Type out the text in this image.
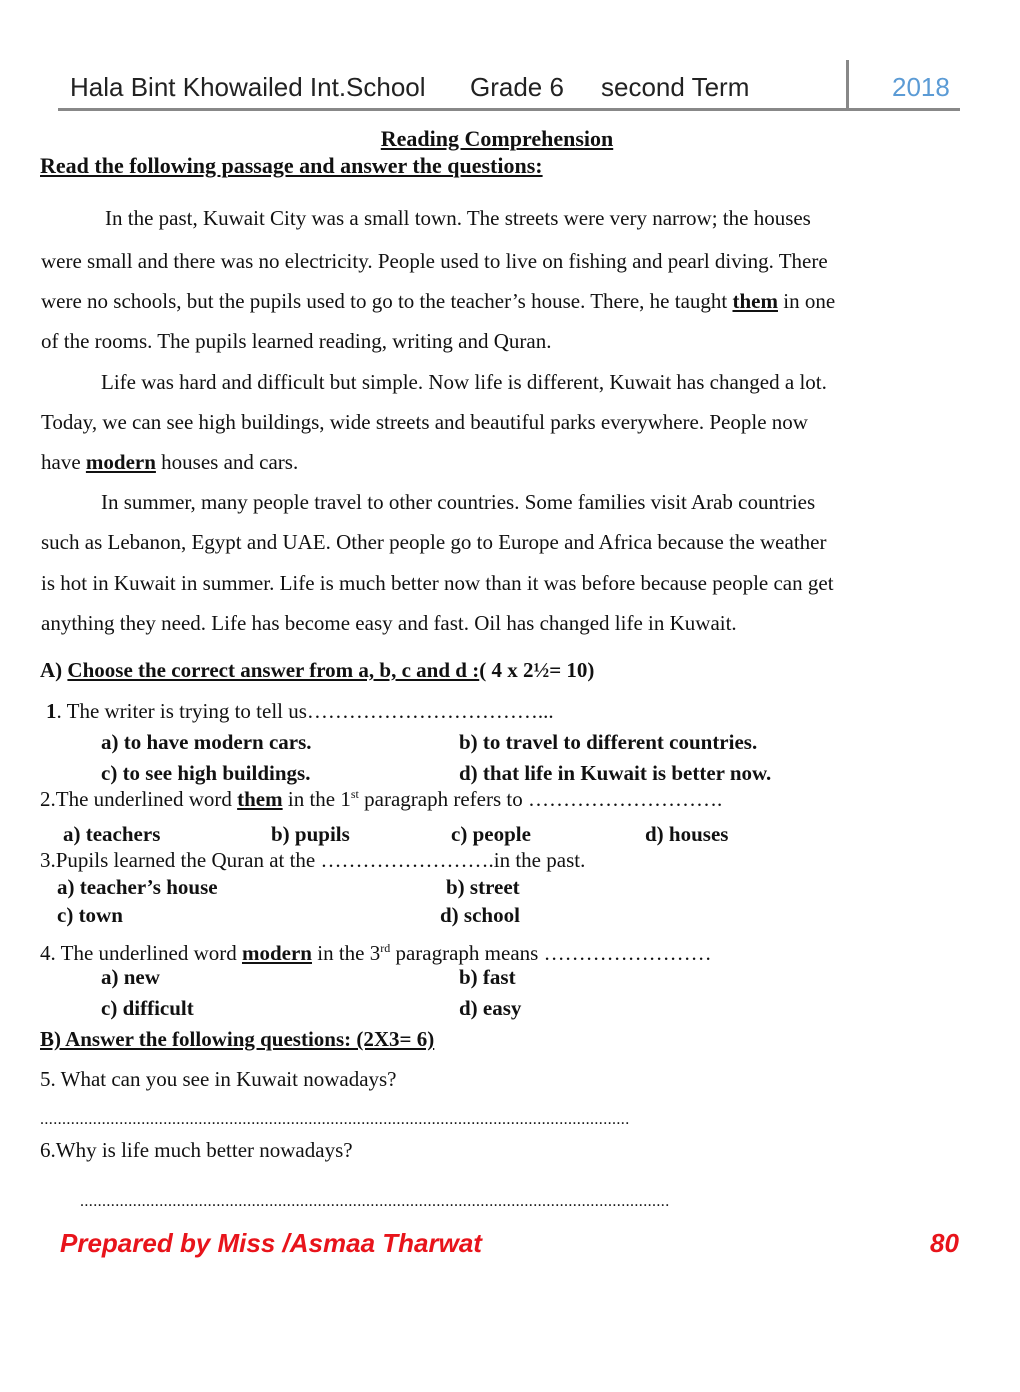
Hala Bint Khowailed Int.School Grade 6 second Term	2018
Reading Comprehension
Read the following passage and answer the questions:
In the past, Kuwait City was a small town. The streets were very narrow; the houses
were small and there was no electricity. People used to live on fishing and pearl diving. There
were no schools, but the pupils used to go to the teacher’s house. There, he taught them in one
of the rooms. The pupils learned reading, writing and Quran.
Life was hard and difficult but simple. Now life is different, Kuwait has changed a lot.
Today, we can see high buildings, wide streets and beautiful parks everywhere. People now
have modern houses and cars.
In summer, many people travel to other countries. Some families visit Arab countries
such as Lebanon, Egypt and UAE. Other people go to Europe and Africa because the weather
is hot in Kuwait in summer. Life is much better now than it was before because people can get
anything they need. Life has become easy and fast. Oil has changed life in Kuwait.
A) Choose the correct answer from a, b, c and d :( 4 x 2½= 10)
1. The writer is trying to tell us……………………………...
a) to have modern cars.	b) to travel to different countries.
c) to see high buildings.	d) that life in Kuwait is better now.
2.The underlined word them in the 1st paragraph refers to ……………………….
a) teachers	b) pupils	c) people	d) houses
3.Pupils learned the Quran at the …………………….in the past.
a) teacher’s house	b) street
c) town	d) school
4. The underlined word modern in the 3rd paragraph means ……………………
a) new	b) fast
c) difficult	d) easy
B) Answer the following questions: (2X3= 6)
5. What can you see in Kuwait nowadays?
......................................................................................................................................
6.Why is life much better nowadays?
......................................................................................................................................
Prepared by Miss /Asmaa Tharwat	80
